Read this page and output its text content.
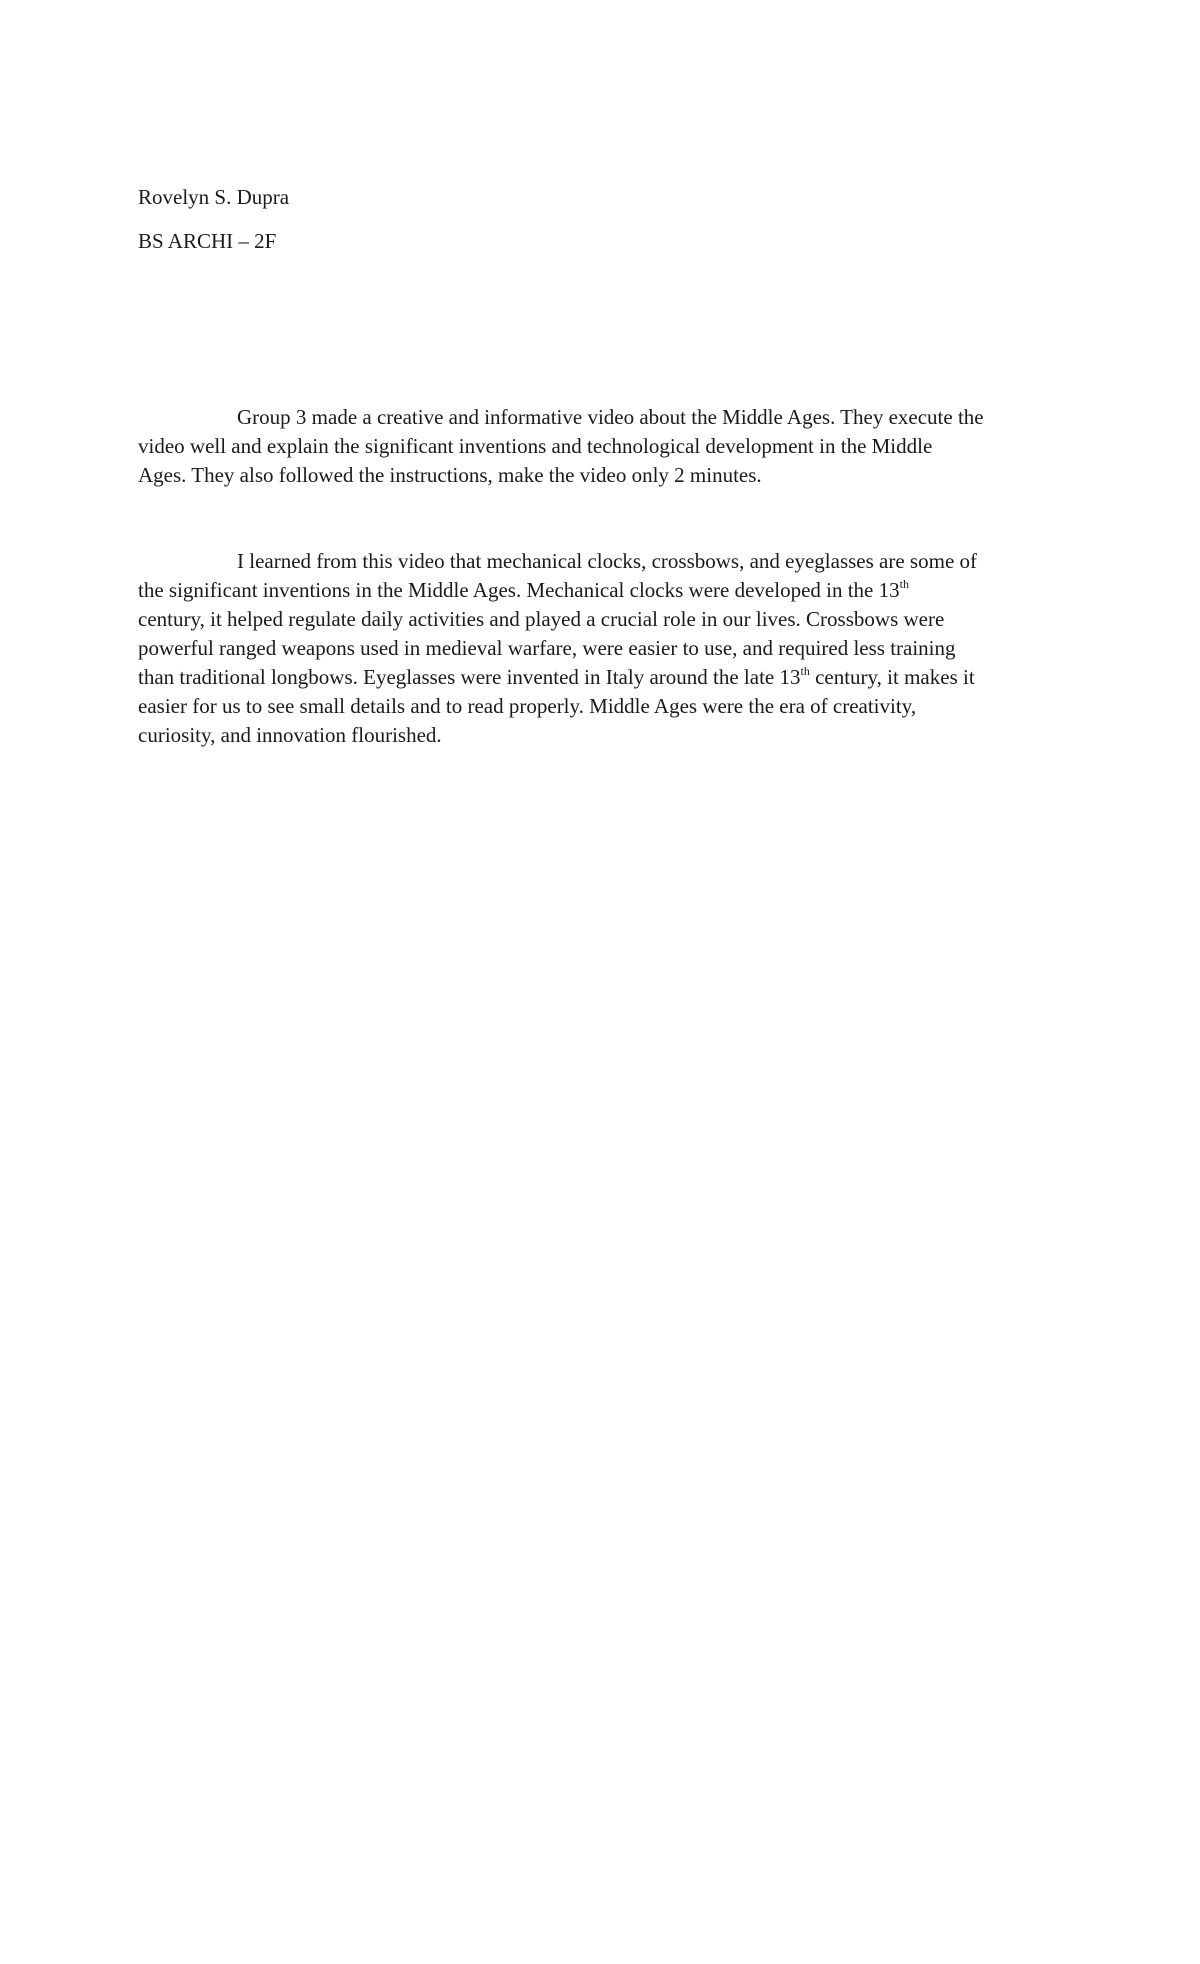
Rovelyn S. Dupra
BS ARCHI – 2F
Group 3 made a creative and informative video about the Middle Ages. They execute the
video well and explain the significant inventions and technological development in the Middle
Ages. They also followed the instructions, make the video only 2 minutes.
I learned from this video that mechanical clocks, crossbows, and eyeglasses are some of
the significant inventions in the Middle Ages. Mechanical clocks were developed in the 13th
century, it helped regulate daily activities and played a crucial role in our lives. Crossbows were
powerful ranged weapons used in medieval warfare, were easier to use, and required less training
than traditional longbows. Eyeglasses were invented in Italy around the late 13th century, it makes it
easier for us to see small details and to read properly. Middle Ages were the era of creativity,
curiosity, and innovation flourished.
